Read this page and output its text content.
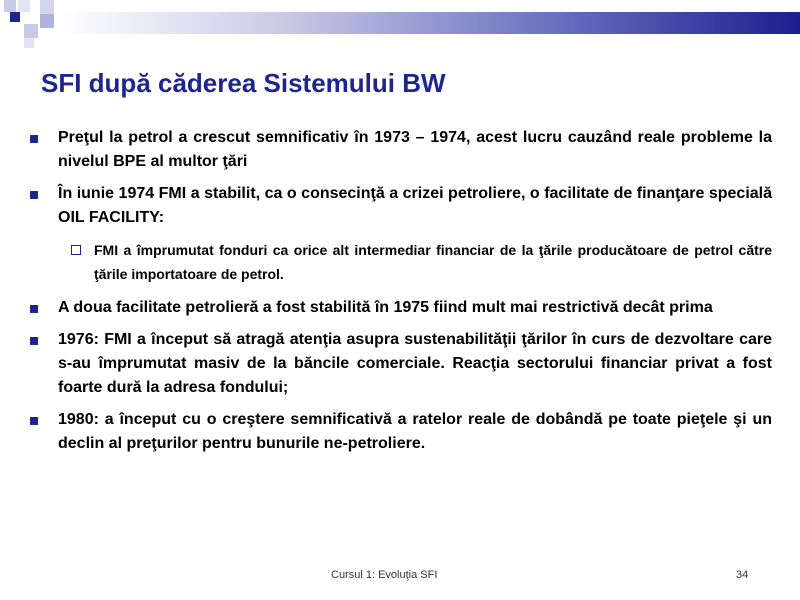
SFI după căderea Sistemului BW
Preţul la petrol a crescut semnificativ în 1973 – 1974, acest lucru cauzând reale probleme la nivelul BPE al multor ţări
În iunie 1974 FMI a stabilit, ca o consecinţă a crizei petroliere, o facilitate de finanţare specială OIL FACILITY:
FMI a împrumutat fonduri ca orice alt intermediar financiar de la ţările producătoare de petrol către ţările importatoare de petrol.
A doua facilitate petrolieră a fost stabilită în 1975 fiind mult mai restrictivă decât prima
1976: FMI a început să atragă atenţia asupra sustenabilităţii ţărilor în curs de dezvoltare care s-au împrumutat masiv de la băncile comerciale. Reacţia sectorului financiar privat a fost foarte dură la adresa fondului;
1980: a început cu o creştere semnificativă a ratelor reale de dobândă pe toate pieţele şi un declin al preţurilor pentru bunurile ne-petroliere.
Cursul 1: Evoluţia SFI	34
